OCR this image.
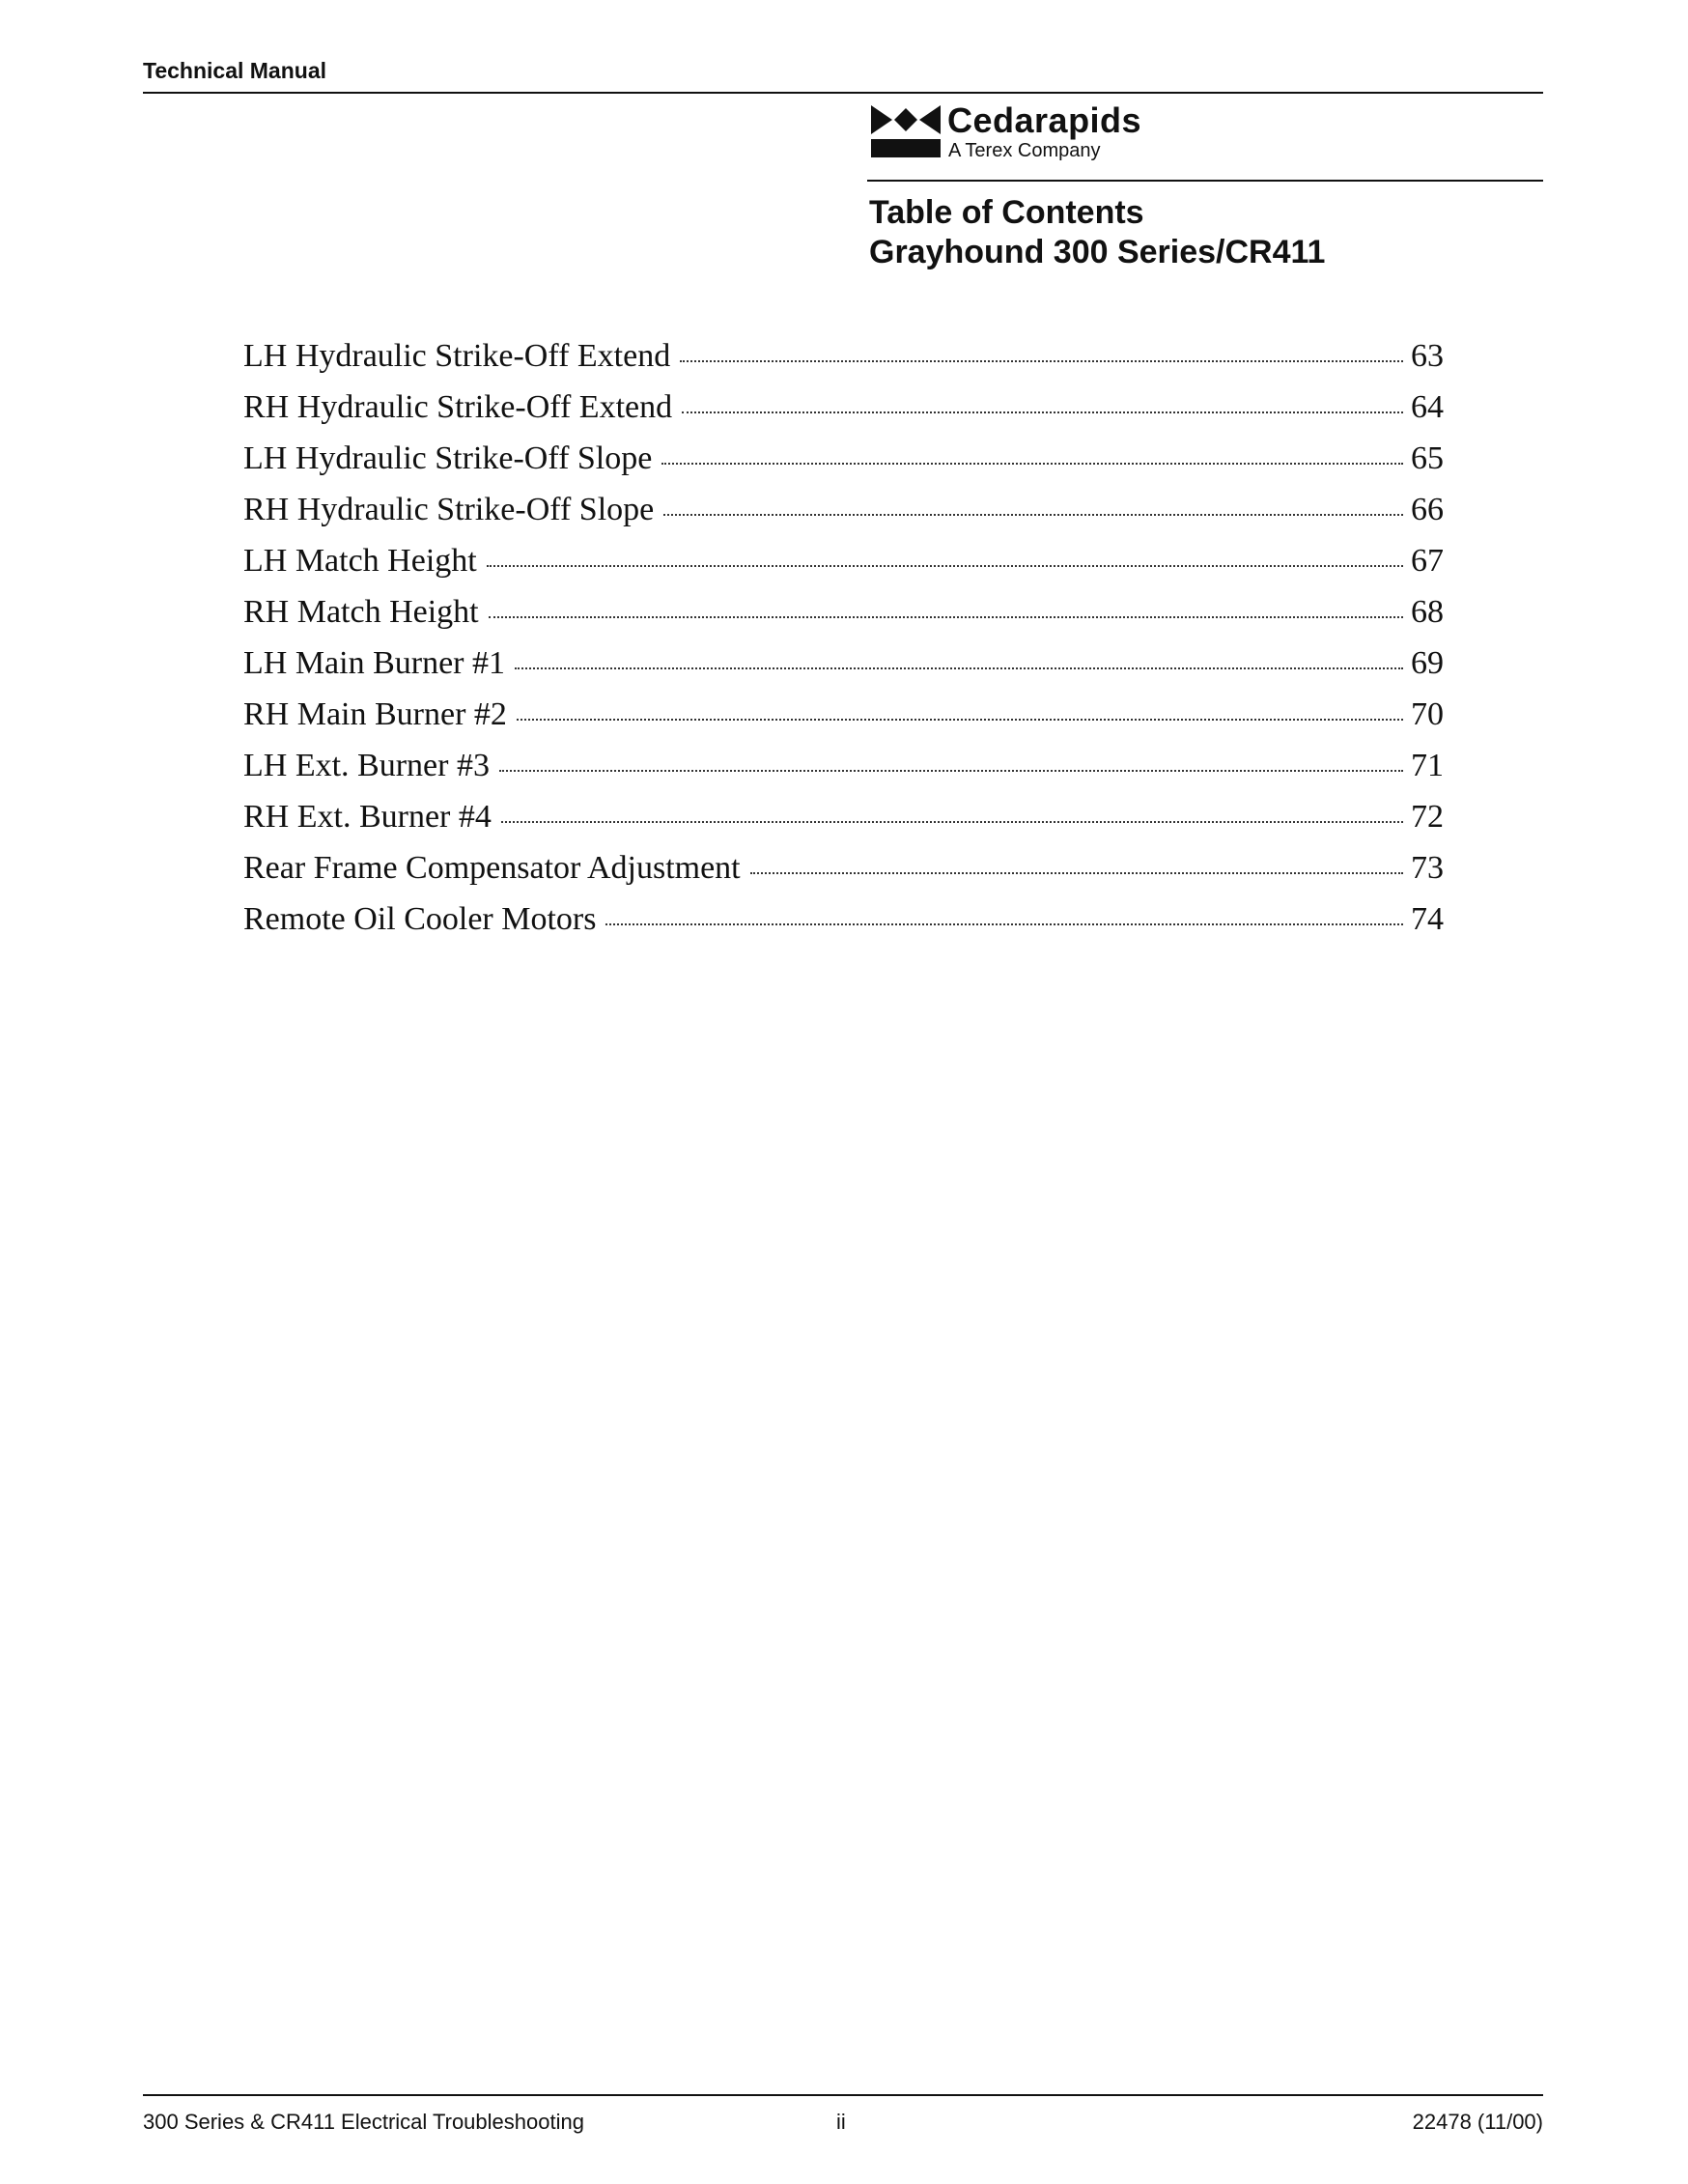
Technical Manual
Cedarapids
A Terex Company
Table of Contents
Grayhound 300 Series/CR411
LH Hydraulic Strike-Off Extend	63
RH Hydraulic Strike-Off Extend	64
LH Hydraulic Strike-Off Slope	65
RH Hydraulic Strike-Off Slope	66
LH Match Height	67
RH Match Height	68
LH Main Burner #1	69
RH Main Burner #2	70
LH Ext. Burner #3	71
RH Ext. Burner #4	72
Rear Frame Compensator Adjustment	73
Remote Oil Cooler Motors	74
300 Series & CR411 Electrical Troubleshooting	ii	22478 (11/00)
